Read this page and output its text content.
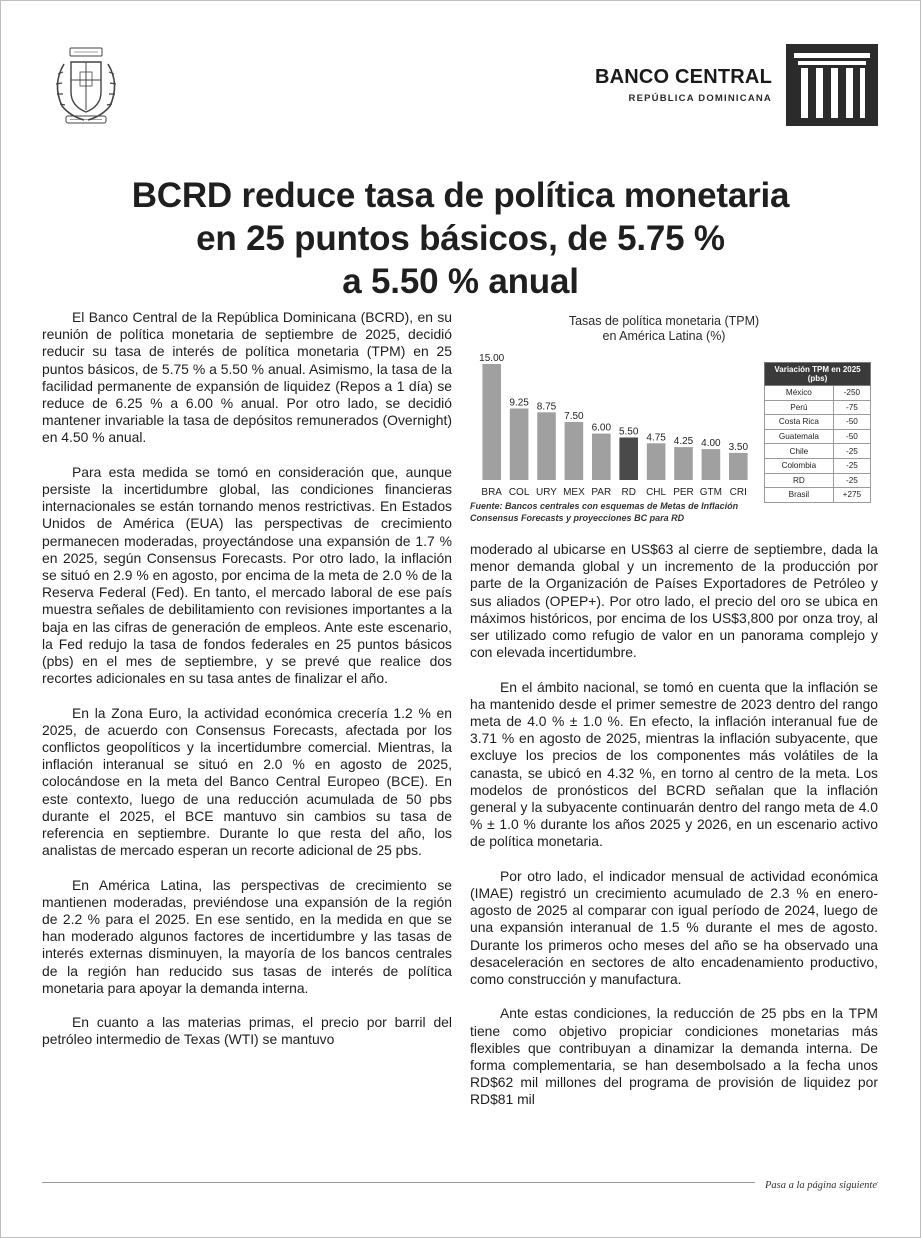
BANCO CENTRAL
REPÚBLICA DOMINICANA
BCRD reduce tasa de política monetaria
en 25 puntos básicos, de 5.75 %
a 5.50 % anual

El Banco Central de la República Dominicana (BCRD), en su reunión de política monetaria de septiembre de 2025, decidió reducir su tasa de interés de política monetaria (TPM) en 25 puntos básicos, de 5.75 % a 5.50 % anual. Asimismo, la tasa de la facilidad permanente de expansión de liquidez (Repos a 1 día) se reduce de 6.25 % a 6.00 % anual. Por otro lado, se decidió mantener invariable la tasa de depósitos remunerados (Overnight) en 4.50 % anual.

Para esta medida se tomó en consideración que, aunque persiste la incertidumbre global, las condiciones financieras internacionales se están tornando menos restrictivas. En Estados Unidos de América (EUA) las perspectivas de crecimiento permanecen moderadas, proyectándose una expansión de 1.7 % en 2025, según Consensus Forecasts. Por otro lado, la inflación se situó en 2.9 % en agosto, por encima de la meta de 2.0 % de la Reserva Federal (Fed). En tanto, el mercado laboral de ese país muestra señales de debilitamiento con revisiones importantes a la baja en las cifras de generación de empleos. Ante este escenario, la Fed redujo la tasa de fondos federales en 25 puntos básicos (pbs) en el mes de septiembre, y se prevé que realice dos recortes adicionales en su tasa antes de finalizar el año.

En la Zona Euro, la actividad económica crecería 1.2 % en 2025, de acuerdo con Consensus Forecasts, afectada por los conflictos geopolíticos y la incertidumbre comercial. Mientras, la inflación interanual se situó en 2.0 % en agosto de 2025, colocándose en la meta del Banco Central Europeo (BCE). En este contexto, luego de una reducción acumulada de 50 pbs durante el 2025, el BCE mantuvo sin cambios su tasa de referencia en septiembre. Durante lo que resta del año, los analistas de mercado esperan un recorte adicional de 25 pbs.

En América Latina, las perspectivas de crecimiento se mantienen moderadas, previéndose una expansión de la región de 2.2 % para el 2025. En ese sentido, en la medida en que se han moderado algunos factores de incertidumbre y las tasas de interés externas disminuyen, la mayoría de los bancos centrales de la región han reducido sus tasas de interés de política monetaria para apoyar la demanda interna.

En cuanto a las materias primas, el precio por barril del petróleo intermedio de Texas (WTI) se mantuvo

Tasas de política monetaria (TPM)
en América Latina (%)
15.00
BRA
9.25
COL
8.75
URY
7.50
MEX
6.00
PAR
5.50
RD
4.75
CHL
4.25
PER
4.00
GTM
3.50
CRI
Variación TPM en 2025 (pbs)	
México	-250
Perú	-75
Costa Rica	-50
Guatemala	-50
Chile	-25
Colombia	-25
RD	-25
Brasil	+275
Fuente: Bancos centrales con esquemas de Metas de Inflación
Consensus Forecasts y proyecciones BC para RD

moderado al ubicarse en US$63 al cierre de septiembre, dada la menor demanda global y un incremento de la producción por parte de la Organización de Países Exportadores de Petróleo y sus aliados (OPEP+). Por otro lado, el precio del oro se ubica en máximos históricos, por encima de los US$3,800 por onza troy, al ser utilizado como refugio de valor en un panorama complejo y con elevada incertidumbre.

En el ámbito nacional, se tomó en cuenta que la inflación se ha mantenido desde el primer semestre de 2023 dentro del rango meta de 4.0 % ± 1.0 %. En efecto, la inflación interanual fue de 3.71 % en agosto de 2025, mientras la inflación subyacente, que excluye los precios de los componentes más volátiles de la canasta, se ubicó en 4.32 %, en torno al centro de la meta. Los modelos de pronósticos del BCRD señalan que la inflación general y la subyacente continuarán dentro del rango meta de 4.0 % ± 1.0 % durante los años 2025 y 2026, en un escenario activo de política monetaria.

Por otro lado, el indicador mensual de actividad económica (IMAE) registró un crecimiento acumulado de 2.3 % en enero-agosto de 2025 al comparar con igual período de 2024, luego de una expansión interanual de 1.5 % durante el mes de agosto. Durante los primeros ocho meses del año se ha observado una desaceleración en sectores de alto encadenamiento productivo, como construcción y manufactura.

Ante estas condiciones, la reducción de 25 pbs en la TPM tiene como objetivo propiciar condiciones monetarias más flexibles que contribuyan a dinamizar la demanda interna. De forma complementaria, se han desembolsado a la fecha unos RD$62 mil millones del programa de provisión de liquidez por RD$81 mil

Pasa a la página siguiente
